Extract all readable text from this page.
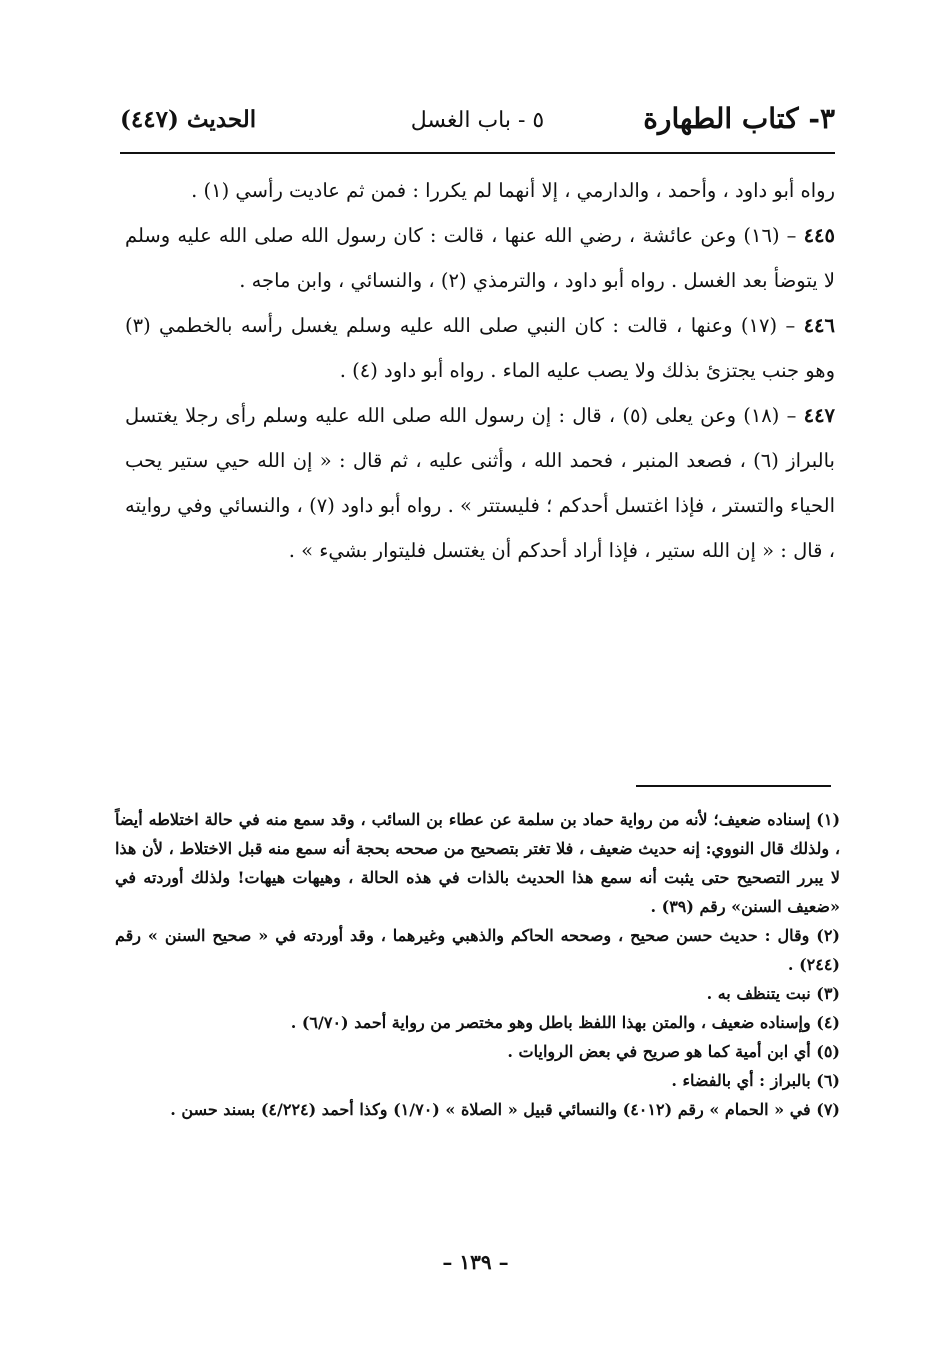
٣- كتاب الطهارة
٥ - باب الغسل
الحديث (٤٤٧)

رواه أبو داود ، وأحمد ، والدارمي ، إلا أنهما لم يكررا : فمن ثم عاديت رأسي (١) .

٤٤٥ – (١٦) وعن عائشة ، رضي الله عنها ، قالت : كان رسول الله صلى الله عليه وسلم لا يتوضأ بعد الغسل . رواه أبو داود ، والترمذي (٢) ، والنسائي ، وابن ماجه .

٤٤٦ – (١٧) وعنها ، قالت : كان النبي صلى الله عليه وسلم يغسل رأسه بالخطمي (٣) وهو جنب يجتزئ بذلك ولا يصب عليه الماء . رواه أبو داود (٤) .

٤٤٧ – (١٨) وعن يعلى (٥) ، قال : إن رسول الله صلى الله عليه وسلم رأى رجلا يغتسل بالبراز (٦) ، فصعد المنبر ، فحمد الله ، وأثنى عليه ، ثم قال : « إن الله حيي ستير يحب الحياء والتستر ، فإذا اغتسل أحدكم ؛ فليستتر » . رواه أبو داود (٧) ، والنسائي وفي روايته ، قال : « إن الله ستير ، فإذا أراد أحدكم أن يغتسل فليتوار بشيء » .

(١) إسناده ضعيف؛ لأنه من رواية حماد بن سلمة عن عطاء بن السائب ، وقد سمع منه في حالة اختلاطه أيضاً ، ولذلك قال النووي: إنه حديث ضعيف ، فلا تغتر بتصحيح من صححه بحجة أنه سمع منه قبل الاختلاط ، لأن هذا لا يبرر التصحيح حتى يثبت أنه سمع هذا الحديث بالذات في هذه الحالة ، وهيهات هيهات! ولذلك أوردته في «ضعيف السنن» رقم (٣٩) .

(٢) وقال : حديث حسن صحيح ، وصححه الحاكم والذهبي وغيرهما ، وقد أوردته في « صحيح السنن » رقم (٢٤٤) .

(٣) نبت يتنظف به .

(٤) وإسناده ضعيف ، والمتن بهذا اللفظ باطل وهو مختصر من رواية أحمد (٦/٧٠) .

(٥) أي ابن أمية كما هو صريح في بعض الروايات .

(٦) بالبراز : أي بالفضاء .

(٧) في « الحمام » رقم (٤٠١٢) والنسائي قبيل « الصلاة » (١/٧٠) وكذا أحمد (٤/٢٢٤) بسند حسن .

– ١٣٩ –
